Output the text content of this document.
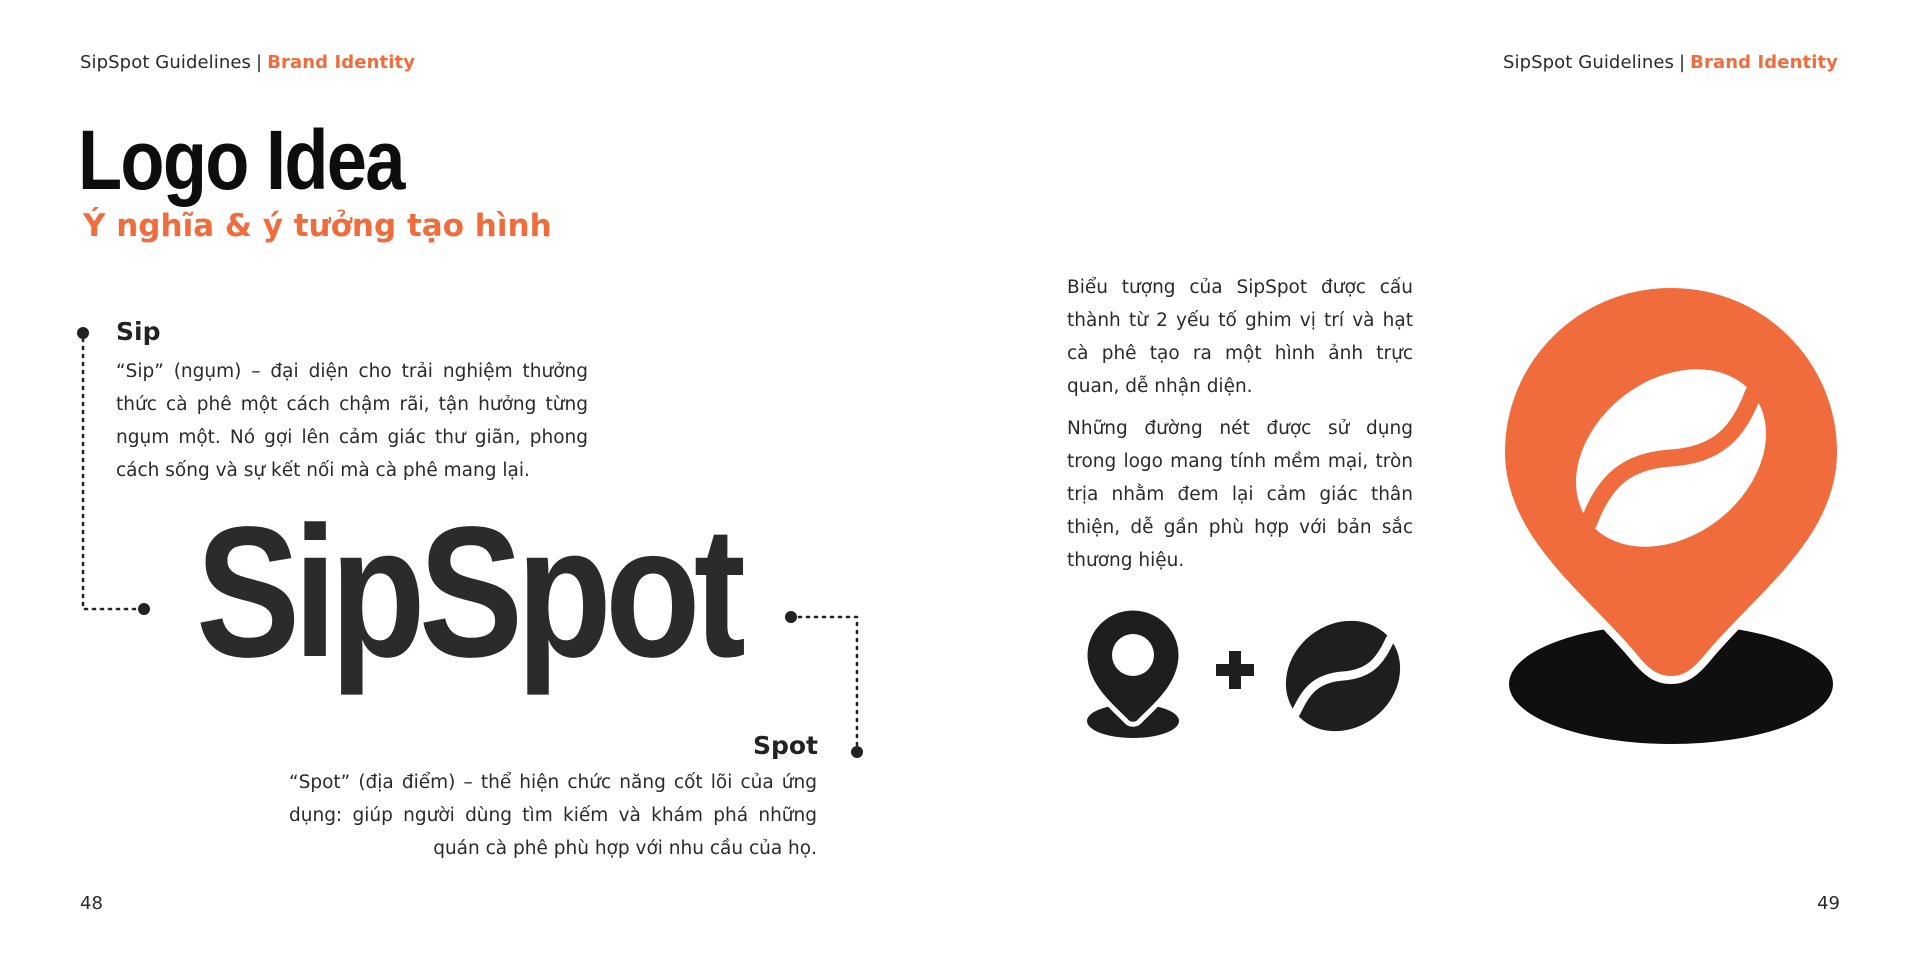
SipSpot Guidelines | Brand Identity	SipSpot Guidelines | Brand Identity
Logo Idea
Ý nghĩa & ý tưởng tạo hình
Sip
“Sip” (ngụm) – đại diện cho trải nghiệm thưởng thức cà phê một cách chậm rãi, tận hưởng từng ngụm một. Nó gợi lên cảm giác thư giãn, phong cách sống và sự kết nối mà cà phê mang lại.
SipSpot
Spot
“Spot” (địa điểm) – thể hiện chức năng cốt lõi của ứng dụng: giúp người dùng tìm kiếm và khám phá những quán cà phê phù hợp với nhu cầu của họ.
Biểu tượng của SipSpot được cấu thành từ 2 yếu tố ghim vị trí và hạt cà phê tạo ra một hình ảnh trực quan, dễ nhận diện.
Những đường nét được sử dụng trong logo mang tính mềm mại, tròn trịa nhằm đem lại cảm giác thân thiện, dễ gần phù hợp với bản sắc thương hiệu.
48	49
